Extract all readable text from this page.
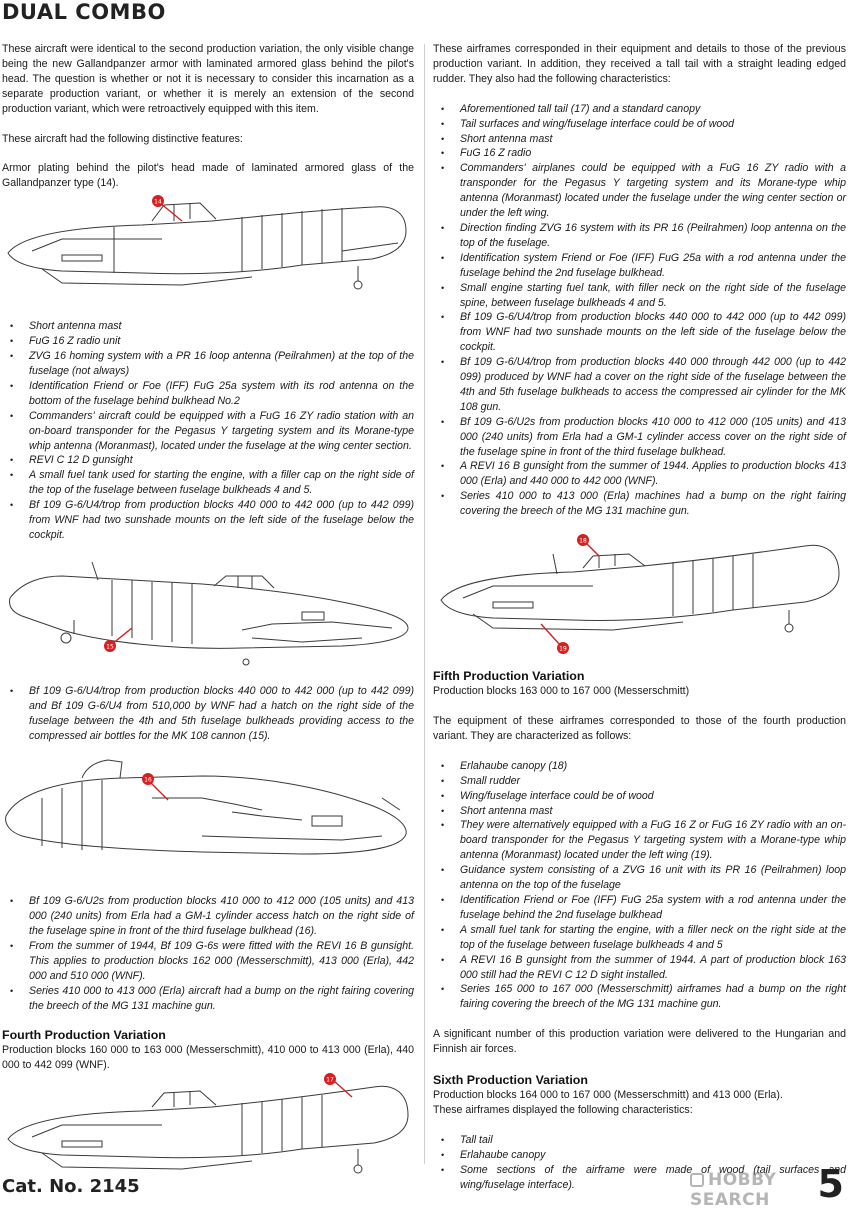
DUAL COMBO

These aircraft were identical to the second production variation, the only visible change being the new Gallandpanzer armor with laminated armored glass behind the pilot's head. The question is whether or not it is necessary to consider this incarnation as a separate production variant, or whether it is merely an extension of the second production variant, which were retroactively equipped with this item.

These aircraft had the following distinctive features:

Armor plating behind the pilot's head made of laminated armored glass of the Gallandpanzer type (14).

14
• Short antenna mast
• FuG 16 Z radio unit
• ZVG 16 homing system with a PR 16 loop antenna (Peilrahmen) at the top of the fuselage (not always)
• Identification Friend or Foe (IFF) FuG 25a system with its rod antenna on the bottom of the fuselage behind bulkhead No.2
• Commanders' aircraft could be equipped with a FuG 16 ZY radio station with an on-board transponder for the Pegasus Y targeting system and its Morane-type whip antenna (Moranmast), located under the fuselage at the wing center section.
• REVI C 12 D gunsight
• A small fuel tank used for starting the engine, with a filler cap on the right side of the top of the fuselage between fuselage bulkheads 4 and 5.
• Bf 109 G-6/U4/trop from production blocks 440 000 to 442 000 (up to 442 099) from WNF had two sunshade mounts on the left side of the fuselage below the cockpit.
15
• Bf 109 G-6/U4/trop from production blocks 440 000 to 442 000 (up to 442 099) and Bf 109 G-6/U4 from 510,000 by WNF had a hatch on the right side of the fuselage between the 4th and 5th fuselage bulkheads providing access to the compressed air bottles for the MK 108 cannon (15).
16
• Bf 109 G-6/U2s from production blocks 410 000 to 412 000 (105 units) and 413 000 (240 units) from Erla had a GM-1 cylinder access hatch on the right side of the fuselage spine in front of the third fuselage bulkhead (16).
• From the summer of 1944, Bf 109 G-6s were fitted with the REVI 16 B gunsight. This applies to production blocks 162 000 (Messerschmitt), 413 000 (Erla), 442 000 and 510 000 (WNF).
• Series 410 000 to 413 000 (Erla) aircraft had a bump on the right fairing covering the breech of the MG 131 machine gun.
Fourth Production Variation

Production blocks 160 000 to 163 000 (Messerschmitt), 410 000 to 413 000 (Erla), 440 000 to 442 099 (WNF).

17

These airframes corresponded in their equipment and details to those of the previous production variant. In addition, they received a tall tail with a straight leading edged rudder. They also had the following characteristics:

• Aforementioned tall tail (17) and a standard canopy
• Tail surfaces and wing/fuselage interface could be of wood
• Short antenna mast
• FuG 16 Z radio
• Commanders' airplanes could be equipped with a FuG 16 ZY radio with a transponder for the Pegasus Y targeting system and its Morane-type whip antenna (Moranmast) located under the fuselage under the wing center section or under the left wing.
• Direction finding ZVG 16 system with its PR 16 (Peilrahmen) loop antenna on the top of the fuselage.
• Identification system Friend or Foe (IFF) FuG 25a with a rod antenna under the fuselage behind the 2nd fuselage bulkhead.
• Small engine starting fuel tank, with filler neck on the right side of the fuselage spine, between fuselage bulkheads 4 and 5.
• Bf 109 G-6/U4/trop from production blocks 440 000 to 442 000 (up to 442 099) from WNF had two sunshade mounts on the left side of the fuselage below the cockpit.
• Bf 109 G-6/U4/trop from production blocks 440 000 through 442 000 (up to 442 099) produced by WNF had a cover on the right side of the fuselage between the 4th and 5th fuselage bulkheads to access the compressed air cylinder for the MK 108 gun.
• Bf 109 G-6/U2s from production blocks 410 000 to 412 000 (105 units) and 413 000 (240 units) from Erla had a GM-1 cylinder access cover on the right side of the fuselage spine in front of the third fuselage bulkhead.
• A REVI 16 B gunsight from the summer of 1944. Applies to production blocks 413 000 (Erla) and 440 000 to 442 000 (WNF).
• Series 410 000 to 413 000 (Erla) machines had a bump on the right fairing covering the breech of the MG 131 machine gun.
18
19
Fifth Production Variation

Production blocks 163 000 to 167 000 (Messerschmitt)

The equipment of these airframes corresponded to those of the fourth production variant. They are characterized as follows:

• Erlahaube canopy (18)
• Small rudder
• Wing/fuselage interface could be of wood
• Short antenna mast
• They were alternatively equipped with a FuG 16 Z or FuG 16 ZY radio with an on-board transponder for the Pegasus Y targeting system with a Morane-type whip antenna (Moranmast) located under the left wing (19).
• Guidance system consisting of a ZVG 16 unit with its PR 16 (Peilrahmen) loop antenna on the top of the fuselage
• Identification Friend or Foe (IFF) FuG 25a system with a rod antenna under the fuselage behind the 2nd fuselage bulkhead
• A small fuel tank for starting the engine, with a filler neck on the right side at the top of the fuselage between fuselage bulkheads 4 and 5
• A REVI 16 B gunsight from the summer of 1944. A part of production block 163 000 still had the REVI C 12 D sight installed.
• Series 165 000 to 167 000 (Messerschmitt) airframes had a bump on the right fairing covering the breech of the MG 131 machine gun.

A significant number of this production variation were delivered to the Hungarian and Finnish air forces.

Sixth Production Variation

Production blocks 164 000 to 167 000 (Messerschmitt) and 413 000 (Erla).

These airframes displayed the following characteristics:

• Tall tail
• Erlahaube canopy
• Some sections of the airframe were made of wood (tail surfaces and wing/fuselage interface).
Cat. No. 2145	HOBBY SEARCH	5
